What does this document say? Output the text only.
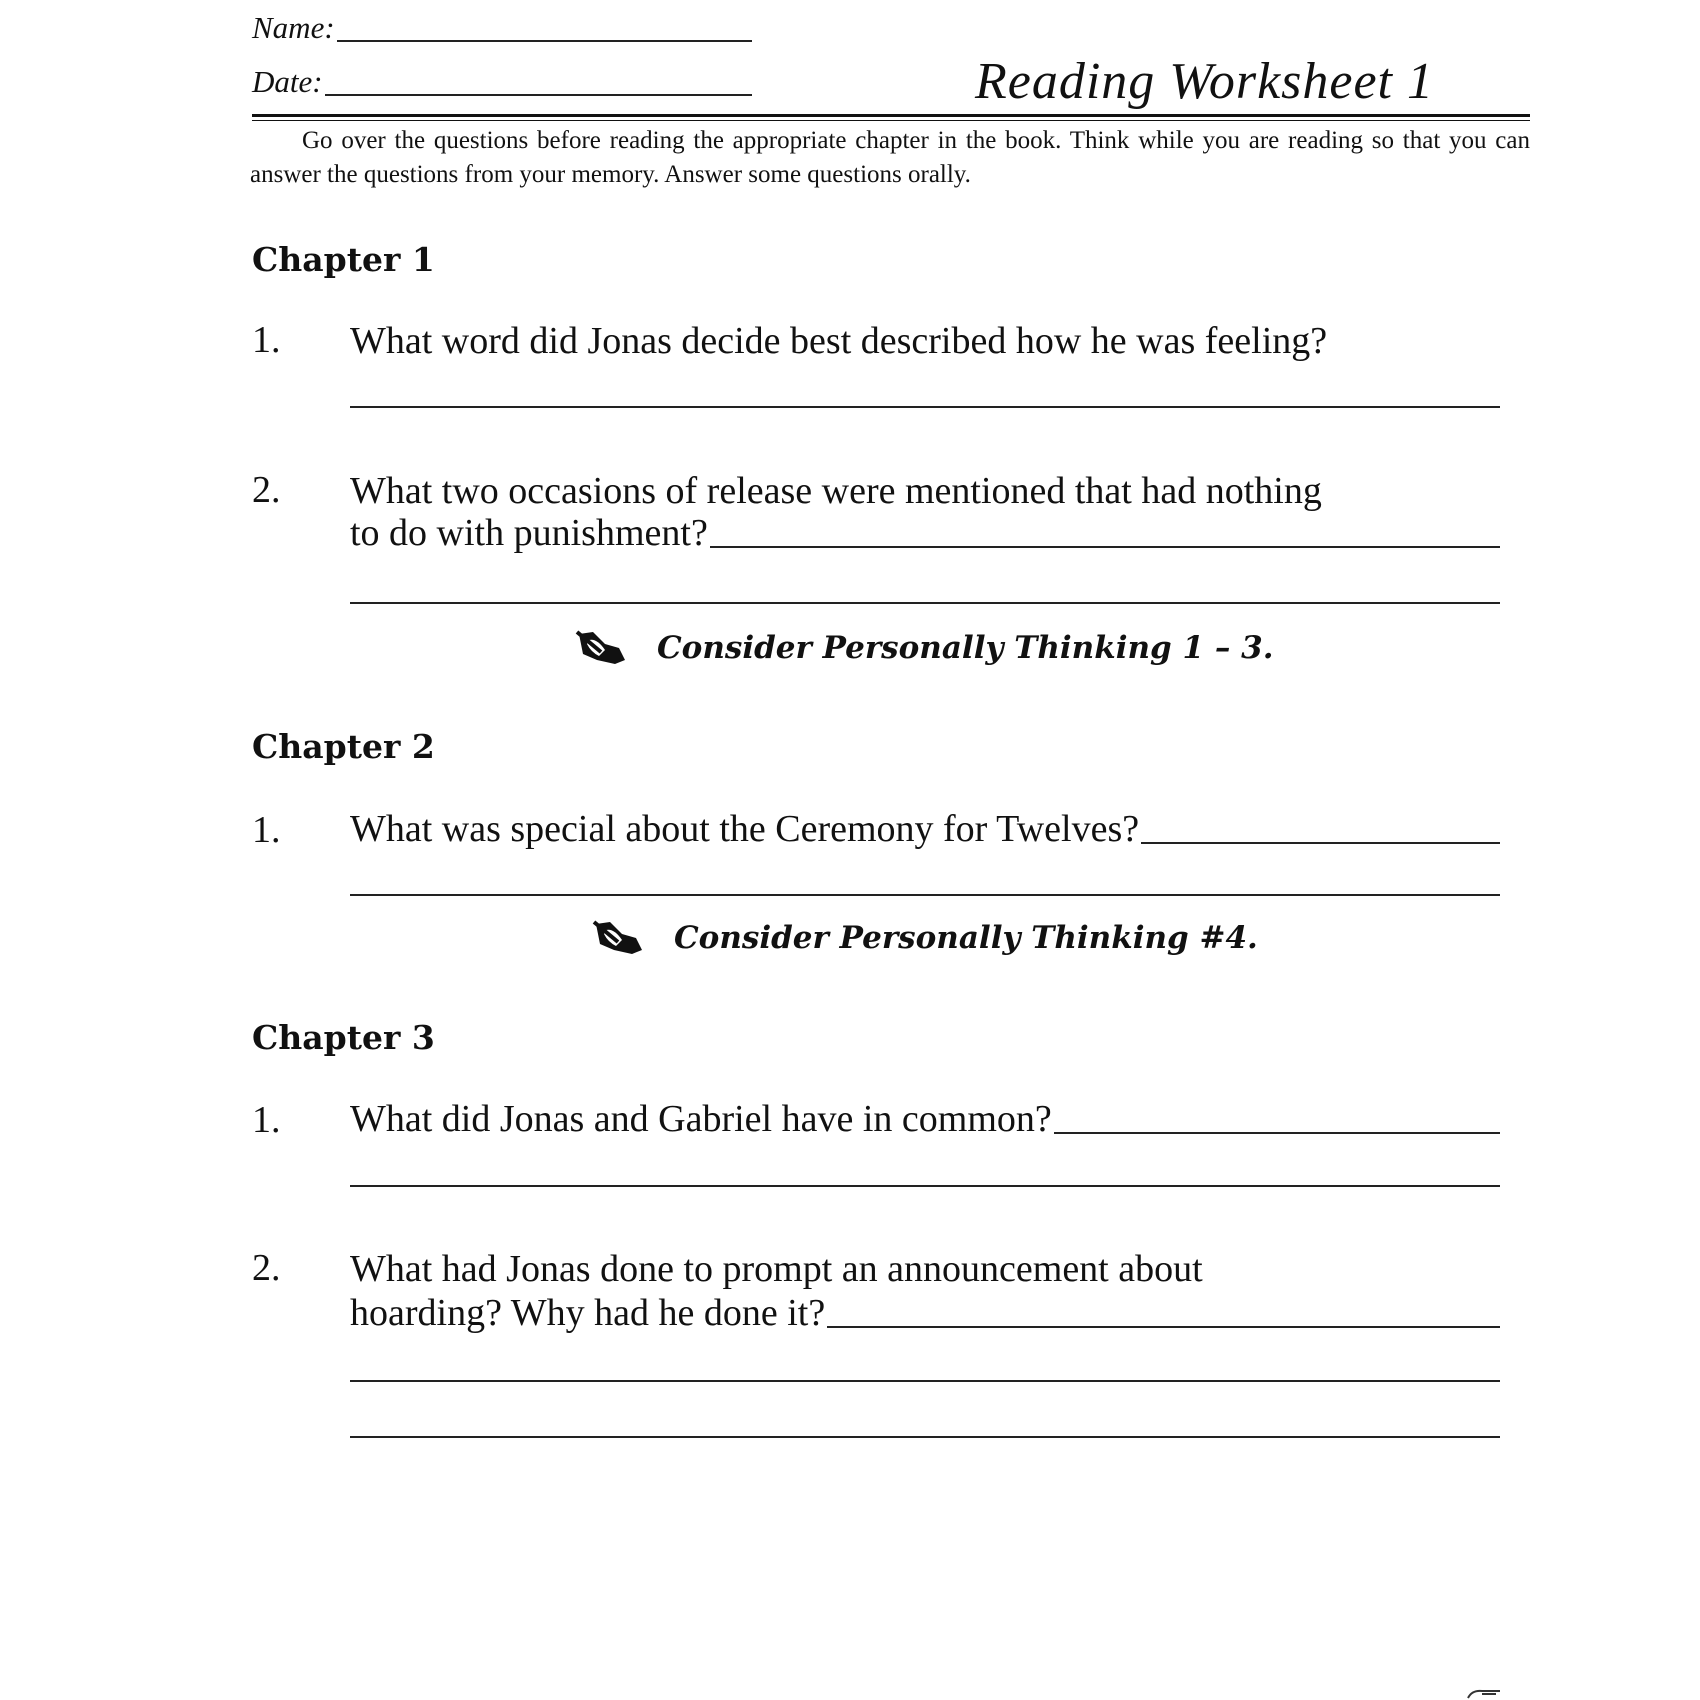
Name:
Date:	Reading Worksheet 1
Go over the questions before reading the appropriate chapter in the book. Think while you are reading so that you can answer the questions from your memory. Answer some questions orally.
Chapter 1
1. What word did Jonas decide best described how he was feeling?
2. What two occasions of release were mentioned that had nothing
to do with punishment?
Consider Personally Thinking 1 – 3.
Chapter 2
1.	What was special about the Ceremony for Twelves?
Consider Personally Thinking #4.
Chapter 3
1.	What did Jonas and Gabriel have in common?
2. What had Jonas done to prompt an announcement about
hoarding? Why had he done it?
